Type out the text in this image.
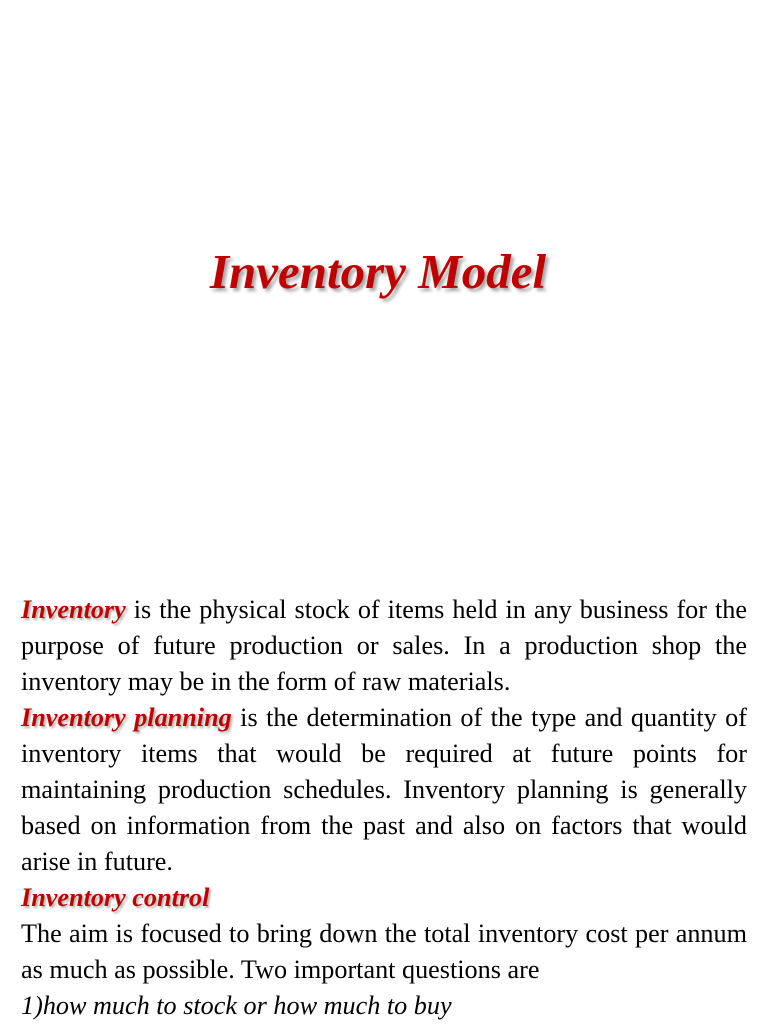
Inventory Model

Inventory is the physical stock of items held in any business for the purpose of future production or sales. In a production shop the inventory may be in the form of raw materials.

Inventory planning is the determination of the type and quantity of inventory items that would be required at future points for maintaining production schedules. Inventory planning is generally based on information from the past and also on factors that would arise in future.

Inventory control

The aim is focused to bring down the total inventory cost per annum as much as possible. Two important questions are

1)how much to stock or how much to buy
